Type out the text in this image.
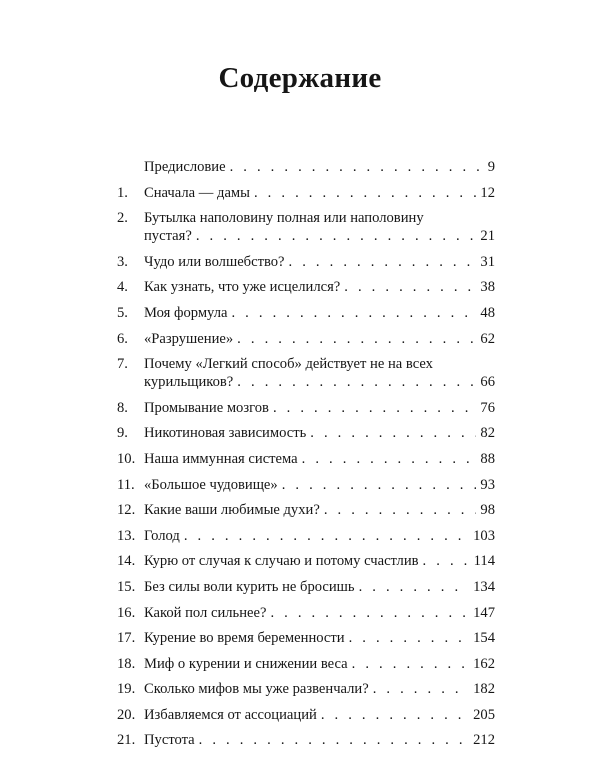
Содержание
Предисловие . . .	9
1. Сначала — дамы . . .	12
2. Бутылка наполовину полная или наполовину
пустая? . . .	21
3. Чудо или волшебство? . . .	31
4. Как узнать, что уже исцелился? . . .	38
5. Моя формула . . .	48
6. «Разрушение» . . .	62
7. Почему «Легкий способ» действует не на всех
курильщиков? . . .	66
8. Промывание мозгов . . .	76
9. Никотиновая зависимость . . .	82
10. Наша иммунная система . . .	88
11. «Большое чудовище» . . .	93
12. Какие ваши любимые духи? . . .	98
13. Голод . . .	103
14. Курю от случая к случаю и потому счастлив . . .	114
15. Без силы воли курить не бросишь . . .	134
16. Какой пол сильнее? . . .	147
17. Курение во время беременности . . .	154
18. Миф о курении и снижении веса . . .	162
19. Сколько мифов мы уже развенчали? . . .	182
20. Избавляемся от ассоциаций . . .	205
21. Пустота . . .	212
